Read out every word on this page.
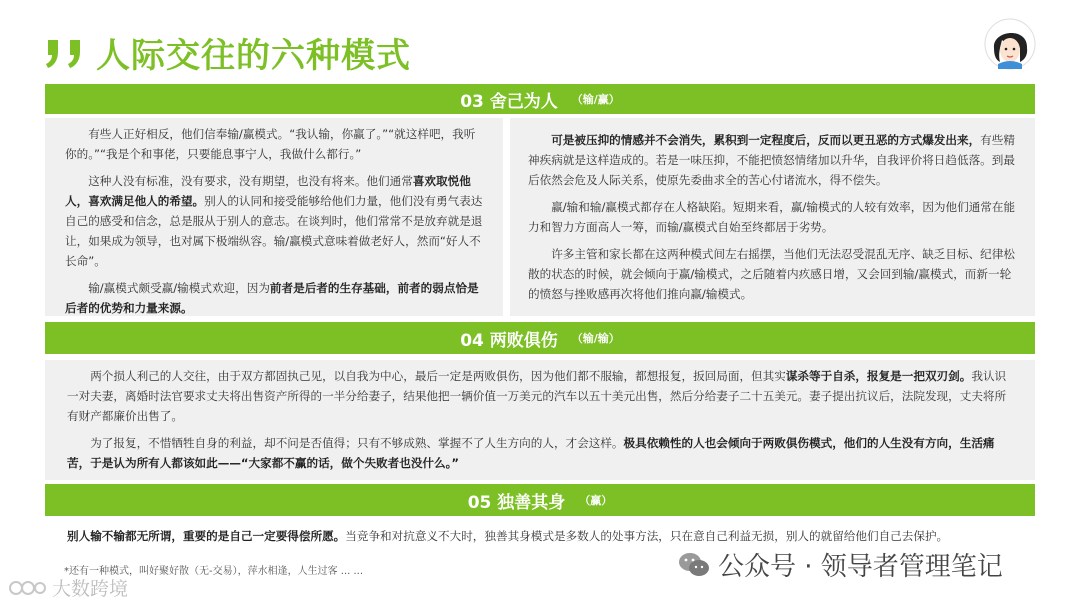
人际交往的六种模式
03 舍己为人 （输/赢）

有些人正好相反，他们信奉输/赢模式。“我认输，你赢了。”“就这样吧，我听你的。”“我是个和事佬，只要能息事宁人，我做什么都行。”

这种人没有标准，没有要求，没有期望，也没有将来。他们通常喜欢取悦他人，喜欢满足他人的希望。别人的认同和接受能够给他们力量，他们没有勇气表达自己的感受和信念，总是服从于别人的意志。在谈判时，他们常常不是放弃就是退让，如果成为领导，也对属下极端纵容。输/赢模式意味着做老好人，然而“好人不长命”。

输/赢模式颇受赢/输模式欢迎，因为前者是后者的生存基础，前者的弱点恰是后者的优势和力量来源。

可是被压抑的情感并不会消失，累积到一定程度后，反而以更丑恶的方式爆发出来，有些精神疾病就是这样造成的。若是一味压抑，不能把愤怒情绪加以升华，自我评价将日趋低落。到最后依然会危及人际关系，使原先委曲求全的苦心付诸流水，得不偿失。

赢/输和输/赢模式都存在人格缺陷。短期来看，赢/输模式的人较有效率，因为他们通常在能力和智力方面高人一筹，而输/赢模式自始至终都居于劣势。

许多主管和家长都在这两种模式间左右摇摆，当他们无法忍受混乱无序、缺乏目标、纪律松散的状态的时候，就会倾向于赢/输模式，之后随着内疚感日增，又会回到输/赢模式，而新一轮的愤怒与挫败感再次将他们推向赢/输模式。

04 两败俱伤 （输/输）

两个损人利己的人交往，由于双方都固执己见，以自我为中心，最后一定是两败俱伤，因为他们都不服输，都想报复，扳回局面，但其实谋杀等于自杀，报复是一把双刃剑。我认识一对夫妻，离婚时法官要求丈夫将出售资产所得的一半分给妻子，结果他把一辆价值一万美元的汽车以五十美元出售，然后分给妻子二十五美元。妻子提出抗议后，法院发现，丈夫将所有财产都廉价出售了。

为了报复，不惜牺牲自身的利益，却不问是否值得；只有不够成熟、掌握不了人生方向的人，才会这样。极具依赖性的人也会倾向于两败俱伤模式，他们的人生没有方向，生活痛苦，于是认为所有人都该如此——“大家都不赢的话，做个失败者也没什么。”

05 独善其身 （赢）

别人输不输都无所谓，重要的是自己一定要得偿所愿。当竞争和对抗意义不大时，独善其身模式是多数人的处事方法，只在意自己利益无损，别人的就留给他们自己去保护。

*还有一种模式，叫好聚好散（无-交易），萍水相逢，人生过客 ... ...
大数跨境
公众号 · 领导者管理笔记
